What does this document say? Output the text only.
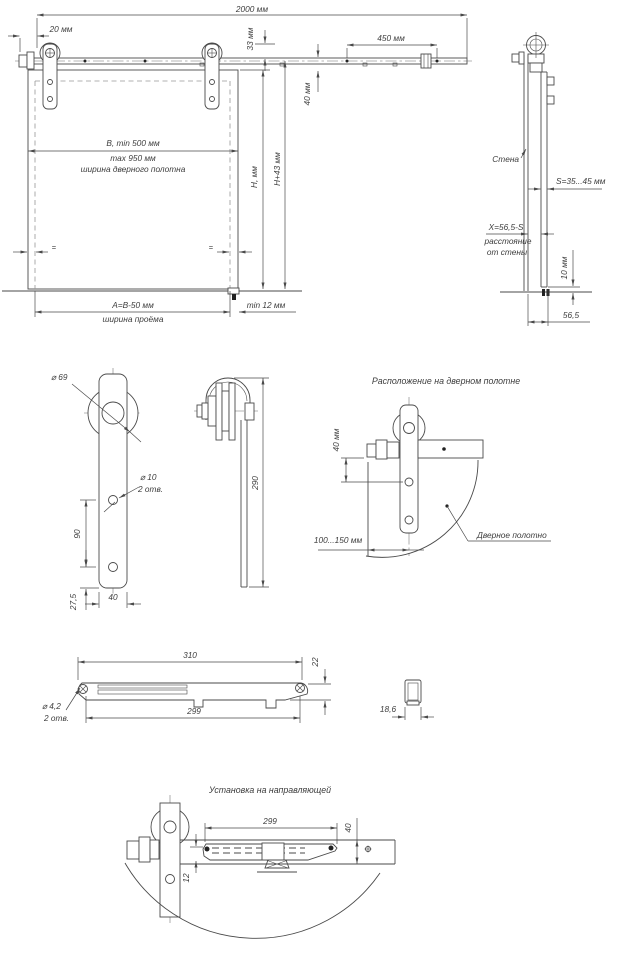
2000 мм
20 мм	33 мм	450 мм
40 мм
B, min 500 мм
max 950 мм
ширина дверного полотна	H, мм H+43 мм
A=B-50 мм
ширина проёма
min 12 мм
=	=
Стена
S=35...45 мм
X=56,5-S
расстояние
от стены
10 мм
56,5
⌀ 69
⌀ 10
2 отв.
90
27,5	40
290
Расположение на дверном полотне
40 мм
100...150 мм	Дверное полотно
310
22
⌀ 4,2
2 отв.
299	18,6
Установка на направляющей
299
40
12
